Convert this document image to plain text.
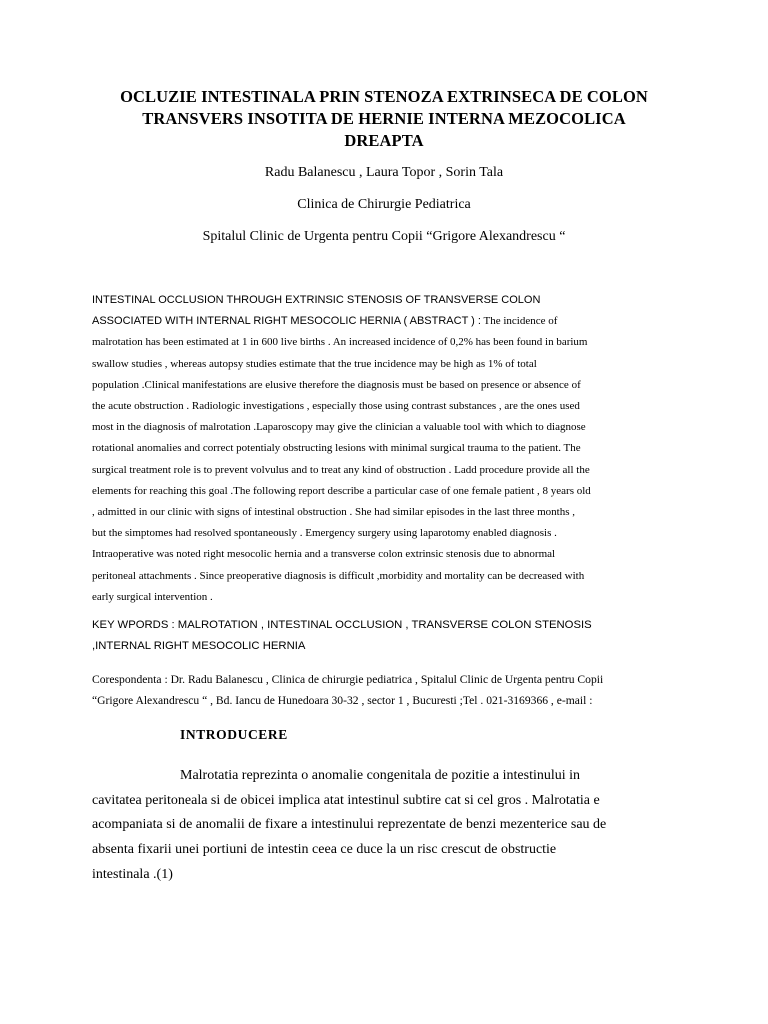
OCLUZIE INTESTINALA PRIN STENOZA EXTRINSECA DE COLON
TRANSVERS INSOTITA DE HERNIE INTERNA MEZOCOLICA
DREAPTA
Radu Balanescu , Laura Topor , Sorin Tala
Clinica de Chirurgie Pediatrica
Spitalul Clinic de Urgenta pentru Copii “Grigore Alexandrescu “
INTESTINAL OCCLUSION THROUGH EXTRINSIC STENOSIS OF TRANSVERSE COLON
ASSOCIATED WITH INTERNAL RIGHT MESOCOLIC HERNIA ( ABSTRACT ) : The incidence of
malrotation has been estimated at 1 in 600 live births . An increased incidence of 0,2% has been found in barium
swallow studies , whereas autopsy studies estimate that the true incidence may be high as 1% of total
population .Clinical manifestations are elusive therefore the diagnosis must be based on presence or absence of
the acute obstruction . Radiologic investigations , especially those using contrast substances , are the ones used
most in the diagnosis of malrotation .Laparoscopy may give the clinician a valuable tool with which to diagnose
rotational anomalies and correct potentialy obstructing lesions with minimal surgical trauma to the patient. The
surgical treatment role is to prevent volvulus and to treat any kind of obstruction . Ladd procedure provide all the
elements for reaching this goal .The following report describe a particular case of one female patient , 8 years old
, admitted in our clinic with signs of intestinal obstruction . She had similar episodes in the last three months ,
but the simptomes had resolved spontaneously . Emergency surgery using laparotomy enabled diagnosis .
Intraoperative was noted right mesocolic hernia and a transverse colon extrinsic stenosis due to abnormal
peritoneal attachments . Since preoperative diagnosis is difficult ,morbidity and mortality can be decreased with
early surgical intervention .
KEY WPORDS : MALROTATION , INTESTINAL OCCLUSION , TRANSVERSE COLON STENOSIS
,INTERNAL RIGHT MESOCOLIC HERNIA
Corespondenta : Dr. Radu Balanescu , Clinica de chirurgie pediatrica , Spitalul Clinic de Urgenta pentru Copii
“Grigore Alexandrescu “ , Bd. Iancu de Hunedoara 30-32 , sector 1 , Bucuresti ;Tel . 021-3169366 , e-mail :
INTRODUCERE
Malrotatia reprezinta o anomalie congenitala de pozitie a intestinului in
cavitatea peritoneala si de obicei implica atat intestinul subtire cat si cel gros . Malrotatia e
acompaniata si de anomalii de fixare a intestinului reprezentate de benzi mezenterice sau de
absenta fixarii unei portiuni de intestin ceea ce duce la un risc crescut de obstructie
intestinala .(1)
